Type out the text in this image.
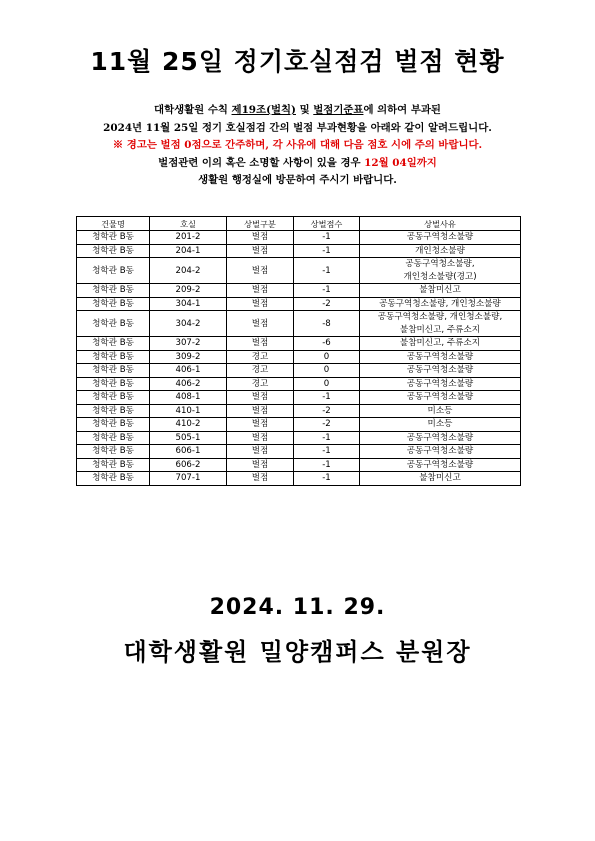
11월 25일 정기호실점검 벌점 현황
대학생활원 수칙 제19조(벌칙) 및 벌점기준표에 의하여 부과된
2024년 11월 25일 정기 호실점검 간의 벌점 부과현황을 아래와 같이 알려드립니다.
※ 경고는 벌점 0점으로 간주하며, 각 사유에 대해 다음 점호 시에 주의 바랍니다.
벌점관련 이의 혹은 소명할 사항이 있을 경우 12월 04일까지
생활원 행정실에 방문하여 주시기 바랍니다.
건물명	호실	상벌구분	상벌점수	상벌사유
청학관 B동	201-2	벌점	-1	공동구역청소불량

청학관 B동	204-1	벌점	-1	개인청소불량

청학관 B동	204-2	벌점	-1	공동구역청소불량,
개인청소불량(경고)

청학관 B동	209-2	벌점	-1	불참미신고

청학관 B동	304-1	벌점	-2	공동구역청소불량, 개인청소불량

청학관 B동	304-2	벌점	-8	공동구역청소불량, 개인청소불량,
불참미신고, 주류소지

청학관 B동	307-2	벌점	-6	불참미신고, 주류소지

청학관 B동	309-2	경고	0	공동구역청소불량

청학관 B동	406-1	경고	0	공동구역청소불량

청학관 B동	406-2	경고	0	공동구역청소불량

청학관 B동	408-1	벌점	-1	공동구역청소불량

청학관 B동	410-1	벌점	-2	미소등

청학관 B동	410-2	벌점	-2	미소등

청학관 B동	505-1	벌점	-1	공동구역청소불량

청학관 B동	606-1	벌점	-1	공동구역청소불량

청학관 B동	606-2	벌점	-1	공동구역청소불량

청학관 B동	707-1	벌점	-1	불참미신고
2024. 11. 29.
대학생활원 밀양캠퍼스 분원장
